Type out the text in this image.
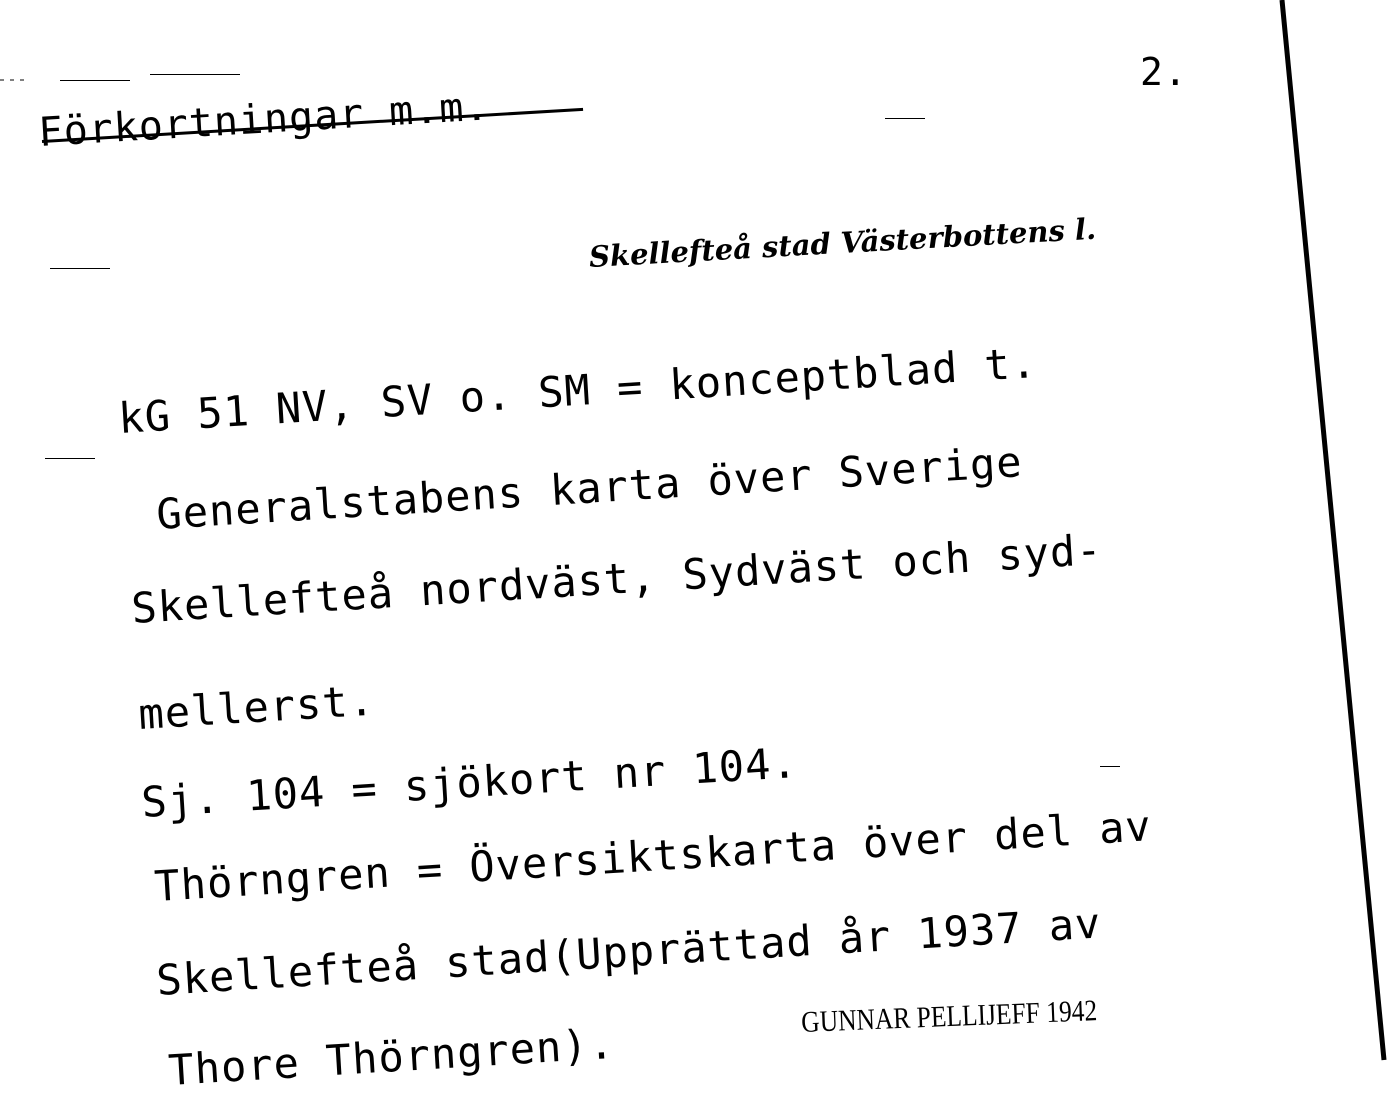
2.
Förkortningar m.m.
Skellefteå stad Västerbottens l.
kG 51 NV, SV o. SM = konceptblad t.
Generalstabens karta över Sverige
Skellefteå nordväst, Sydväst och syd-
mellerst.
Sj. 104 = sjökort nr 104.
Thörngren = Översiktskarta över del av
Skellefteå stad(Upprättad år 1937 av
Thore Thörngren).
GUNNAR PELLIJEFF 1942
